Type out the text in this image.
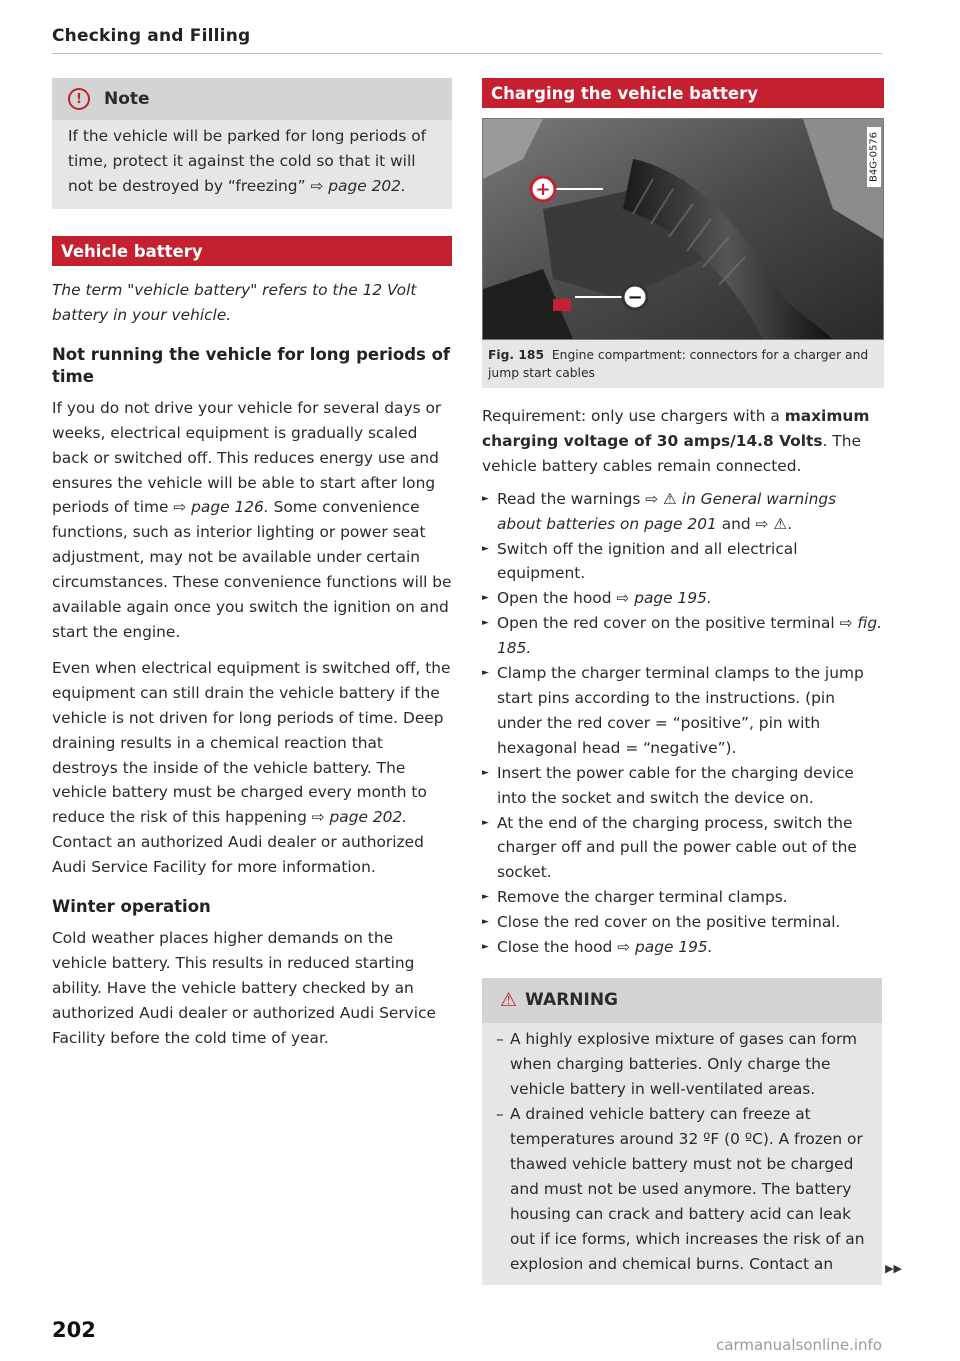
Checking and Filling
!	Note
If the vehicle will be parked for long periods of time, protect it against the cold so that it will not be destroyed by “freezing” ⇨ page 202.
Vehicle battery

The term "vehicle battery" refers to the 12 Volt battery in your vehicle.

Not running the vehicle for long periods of time

If you do not drive your vehicle for several days or weeks, electrical equipment is gradually scaled back or switched off. This reduces energy use and ensures the vehicle will be able to start after long periods of time ⇨ page 126. Some convenience functions, such as interior lighting or power seat adjustment, may not be available under certain circumstances. These convenience functions will be available again once you switch the ignition on and start the engine.

Even when electrical equipment is switched off, the equipment can still drain the vehicle battery if the vehicle is not driven for long periods of time. Deep draining results in a chemical reaction that destroys the inside of the vehicle battery. The vehicle battery must be charged every month to reduce the risk of this happening ⇨ page 202. Contact an authorized Audi dealer or authorized Audi Service Facility for more information.

Winter operation

Cold weather places higher demands on the vehicle battery. This results in reduced starting ability. Have the vehicle battery checked by an authorized Audi dealer or authorized Audi Service Facility before the cold time of year.

Charging the vehicle battery
+
−
B4G-0576
Fig. 185 Engine compartment: connectors for a charger and jump start cables

Requirement: only use chargers with a maximum charging voltage of 30 amps/14.8 Volts. The vehicle battery cables remain connected.

► Read the warnings ⇨ ⚠ in General warnings about batteries on page 201 and ⇨ ⚠.
► Switch off the ignition and all electrical equipment.
► Open the hood ⇨ page 195.
► Open the red cover on the positive terminal ⇨ fig. 185.
► Clamp the charger terminal clamps to the jump start pins according to the instructions. (pin under the red cover = “positive”, pin with hexagonal head = “negative”).
► Insert the power cable for the charging device into the socket and switch the device on.
► At the end of the charging process, switch the charger off and pull the power cable out of the socket.
► Remove the charger terminal clamps.
► Close the red cover on the positive terminal.
► Close the hood ⇨ page 195.
⚠ WARNING
– A highly explosive mixture of gases can form when charging batteries. Only charge the vehicle battery in well-ventilated areas.
– A drained vehicle battery can freeze at temperatures around 32 ºF (0 ºC). A frozen or thawed vehicle battery must not be charged and must not be used anymore. The battery housing can crack and battery acid can leak out if ice forms, which increases the risk of an explosion and chemical burns. Contact an	▶▶
202
carmanualsonline.info
